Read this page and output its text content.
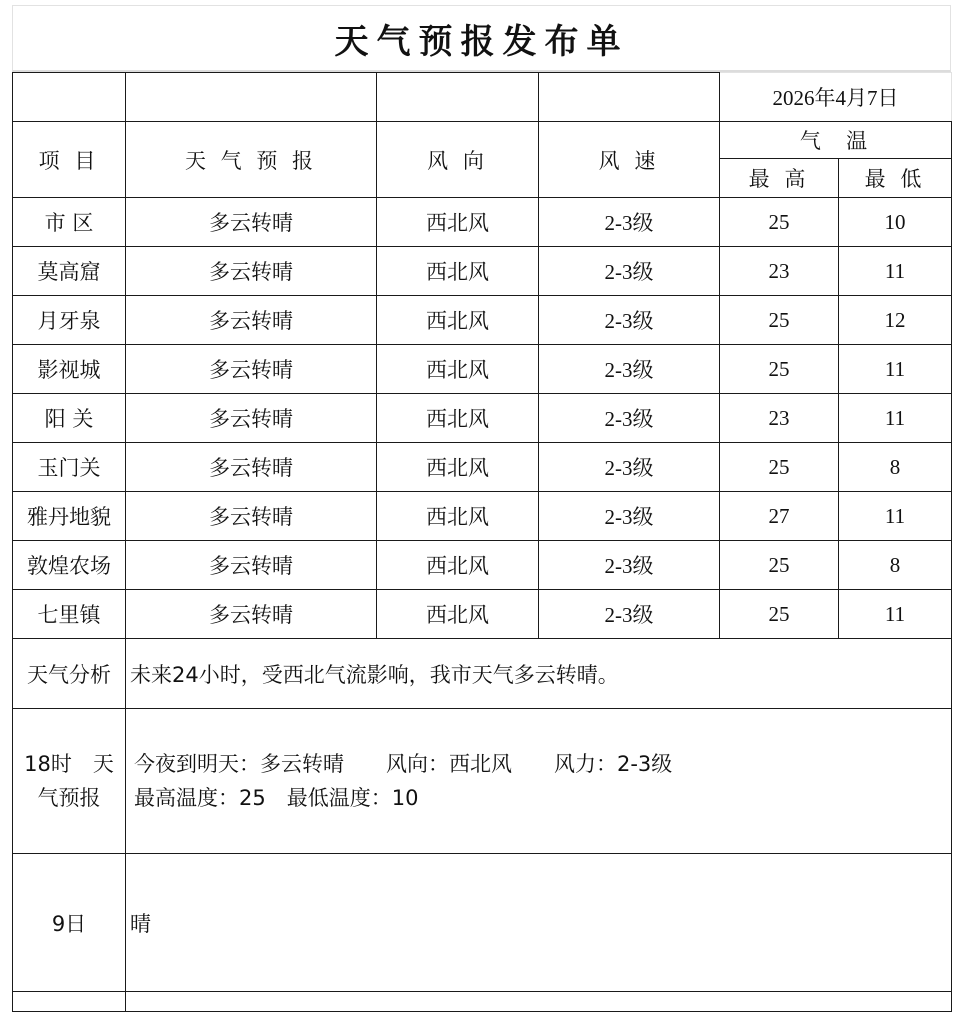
天气预报发布单
				2026年4月7日	
项 目	天 气 预 报	风 向	风 速	气  温	
				最 高	最 低
市 区	多云转晴	西北风	2-3级	25	10
莫高窟	多云转晴	西北风	2-3级	23	11
月牙泉	多云转晴	西北风	2-3级	25	12
影视城	多云转晴	西北风	2-3级	25	11
阳 关	多云转晴	西北风	2-3级	23	11
玉门关	多云转晴	西北风	2-3级	25	8
雅丹地貌	多云转晴	西北风	2-3级	27	11
敦煌农场	多云转晴	西北风	2-3级	25	8
七里镇	多云转晴	西北风	2-3级	25	11
天气分析	未来24小时，受西北气流影响，我市天气多云转晴。				
18时　天气预报	今夜到明天：多云转晴　　风向：西北风　　风力：2-3级
最高温度：25　最低温度：10				

9日	晴				
